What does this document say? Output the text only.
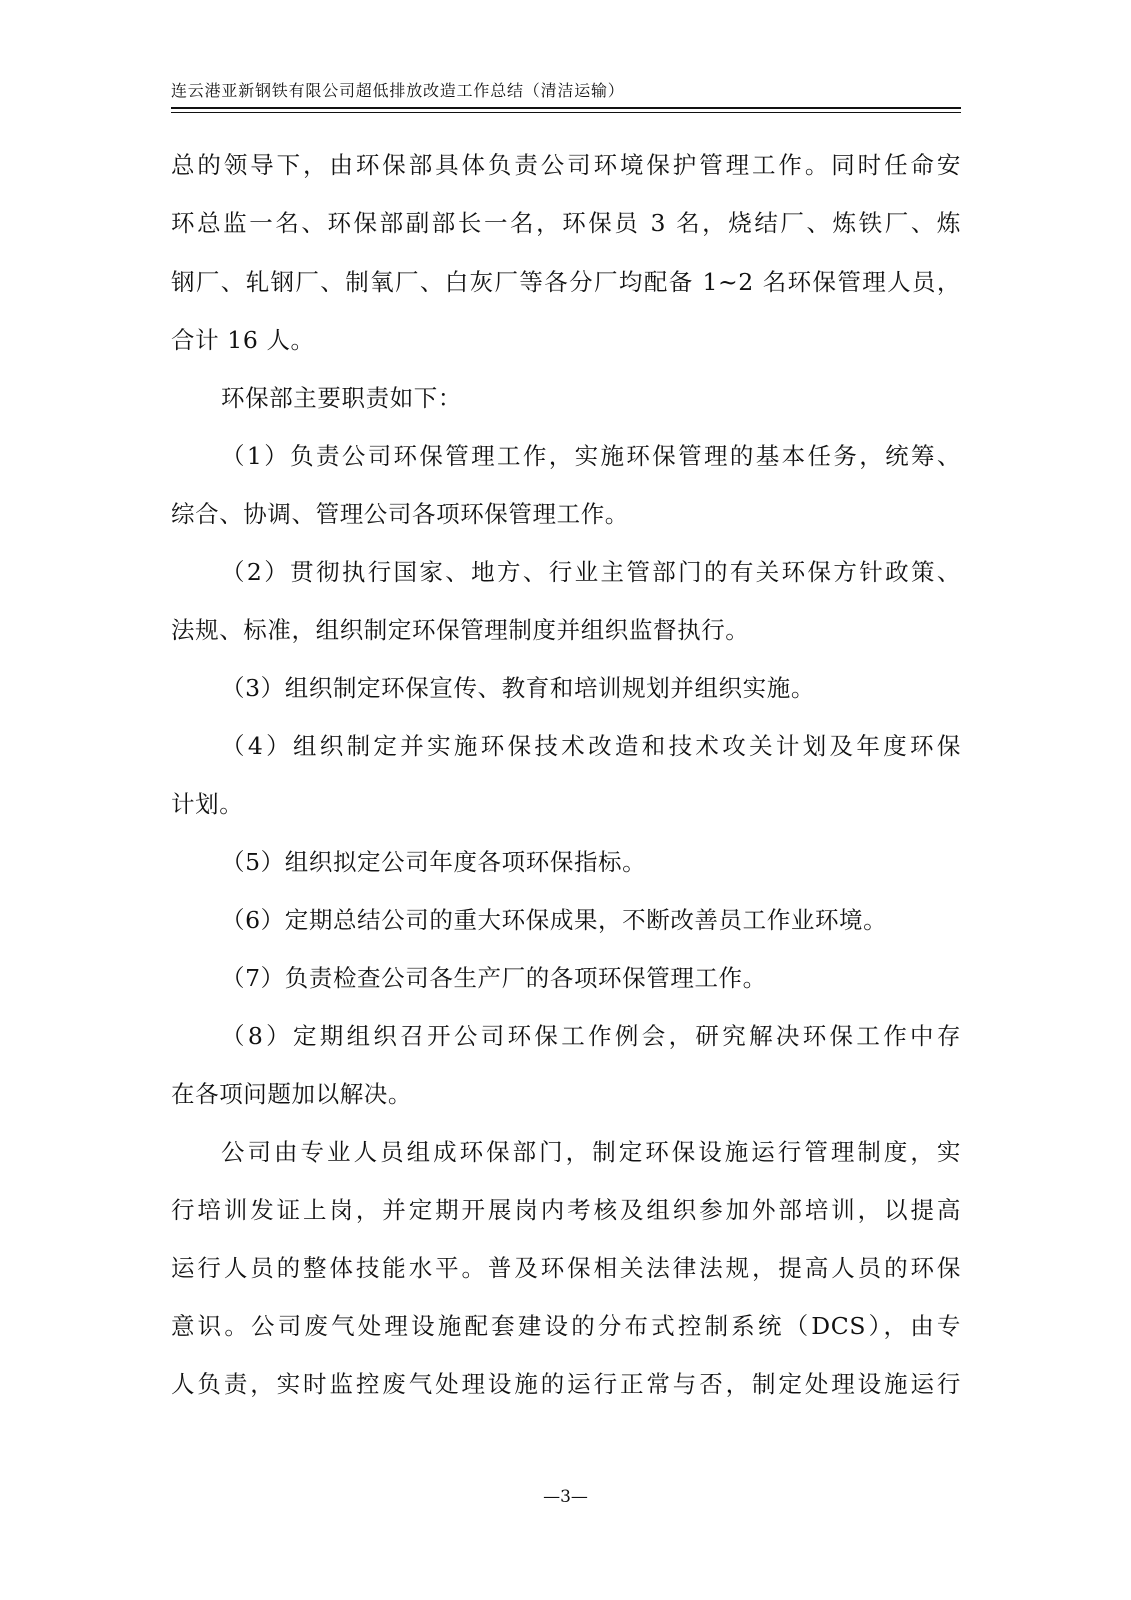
连云港亚新钢铁有限公司超低排放改造工作总结（清洁运输）
总的领导下，由环保部具体负责公司环境保护管理工作。同时任命安
环总监一名、环保部副部长一名，环保员 3 名，烧结厂、炼铁厂、炼
钢厂、轧钢厂、制氧厂、白灰厂等各分厂均配备 1~2 名环保管理人员，
合计 16 人。
环保部主要职责如下：
（1）负责公司环保管理工作，实施环保管理的基本任务，统筹、
综合、协调、管理公司各项环保管理工作。
（2）贯彻执行国家、地方、行业主管部门的有关环保方针政策、
法规、标准，组织制定环保管理制度并组织监督执行。
（3）组织制定环保宣传、教育和培训规划并组织实施。
（4）组织制定并实施环保技术改造和技术攻关计划及年度环保
计划。
（5）组织拟定公司年度各项环保指标。
（6）定期总结公司的重大环保成果，不断改善员工作业环境。
（7）负责检查公司各生产厂的各项环保管理工作。
（8）定期组织召开公司环保工作例会，研究解决环保工作中存
在各项问题加以解决。
公司由专业人员组成环保部门，制定环保设施运行管理制度，实
行培训发证上岗，并定期开展岗内考核及组织参加外部培训，以提高
运行人员的整体技能水平。普及环保相关法律法规，提高人员的环保
意识。公司废气处理设施配套建设的分布式控制系统（DCS），由专
人负责，实时监控废气处理设施的运行正常与否，制定处理设施运行
—3—
